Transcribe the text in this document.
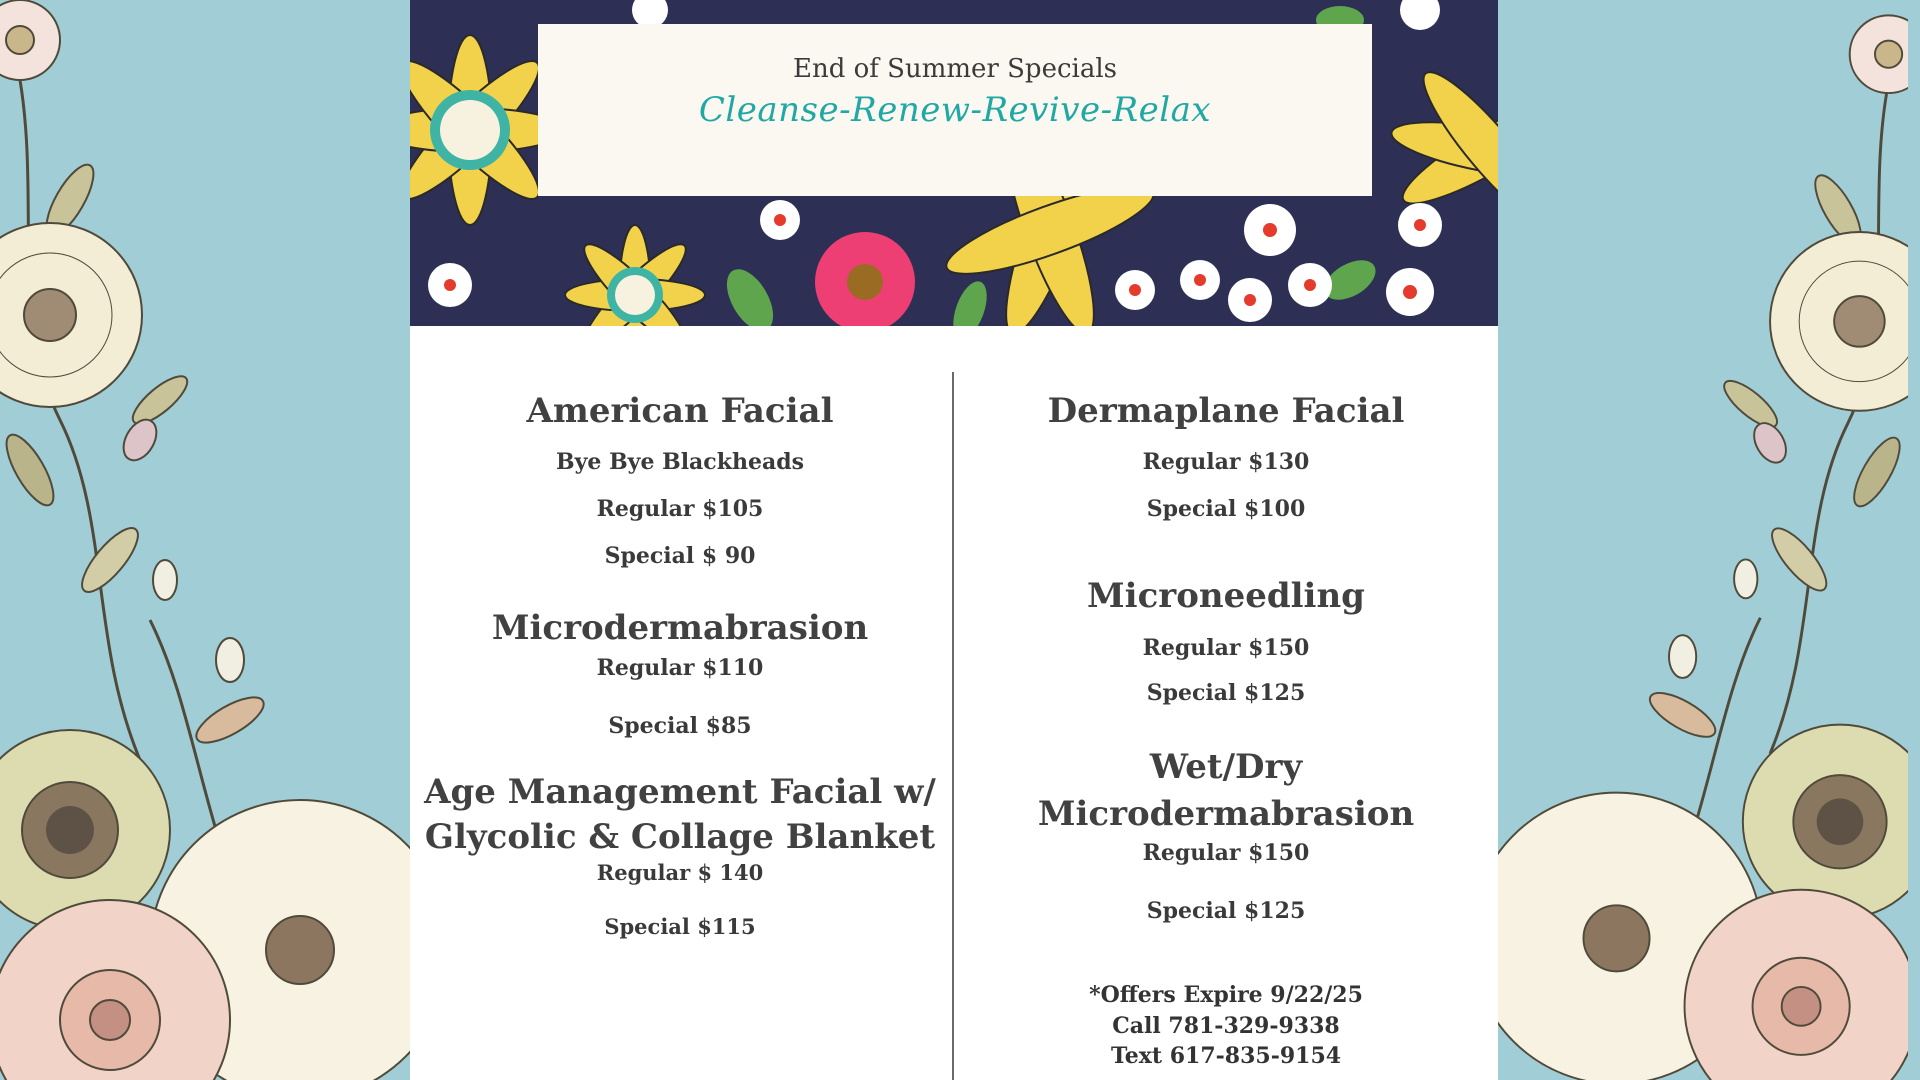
End of Summer Specials
Cleanse-Renew-Revive-Relax
American Facial
Bye Bye Blackheads
Regular $105
Special $ 90
Microdermabrasion
Regular $110
Special $85
Age Management Facial w/
Glycolic & Collage Blanket
Regular $ 140
Special $115
Dermaplane Facial
Regular $130
Special $100
Microneedling
Regular $150
Special $125
Wet/Dry
Microdermabrasion
Regular $150
Special $125
*Offers Expire 9/22/25
Call 781-329-9338
Text 617-835-9154
